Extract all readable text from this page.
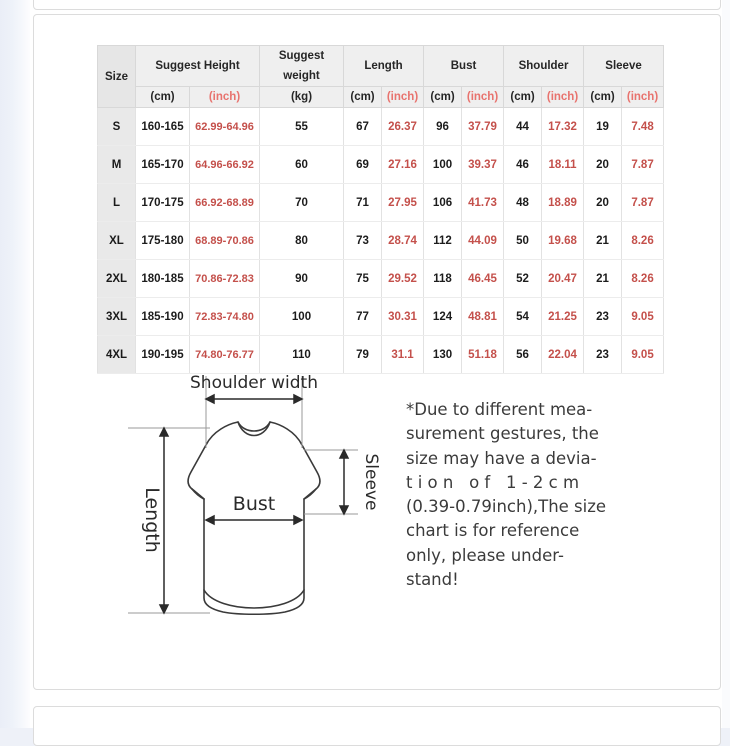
Size	Suggest Height		Suggest weight	Length		Bust		Shoulder		Sleeve	
	(cm)	(inch)	(kg)	(cm)	(inch)	(cm)	(inch)	(cm)	(inch)	(cm)	(inch)
S	160-165	62.99-64.96	55	67	26.37	96	37.79	44	17.32	19	7.48
M	165-170	64.96-66.92	60	69	27.16	100	39.37	46	18.11	20	7.87
L	170-175	66.92-68.89	70	71	27.95	106	41.73	48	18.89	20	7.87
XL	175-180	68.89-70.86	80	73	28.74	112	44.09	50	19.68	21	8.26
2XL	180-185	70.86-72.83	90	75	29.52	118	46.45	52	20.47	21	8.26
3XL	185-190	72.83-74.80	100	77	30.31	124	48.81	54	21.25	23	9.05
4XL	190-195	74.80-76.77	110	79	31.1	130	51.18	56	22.04	23	9.05
Shoulder width
Bust
Length
Sleeve
*Due to different mea-
surement gestures, the
size may have a devia-
t i o n   o f   1 - 2 c m
(0.39-0.79inch),The size
chart is for reference
only, please under-
stand!
